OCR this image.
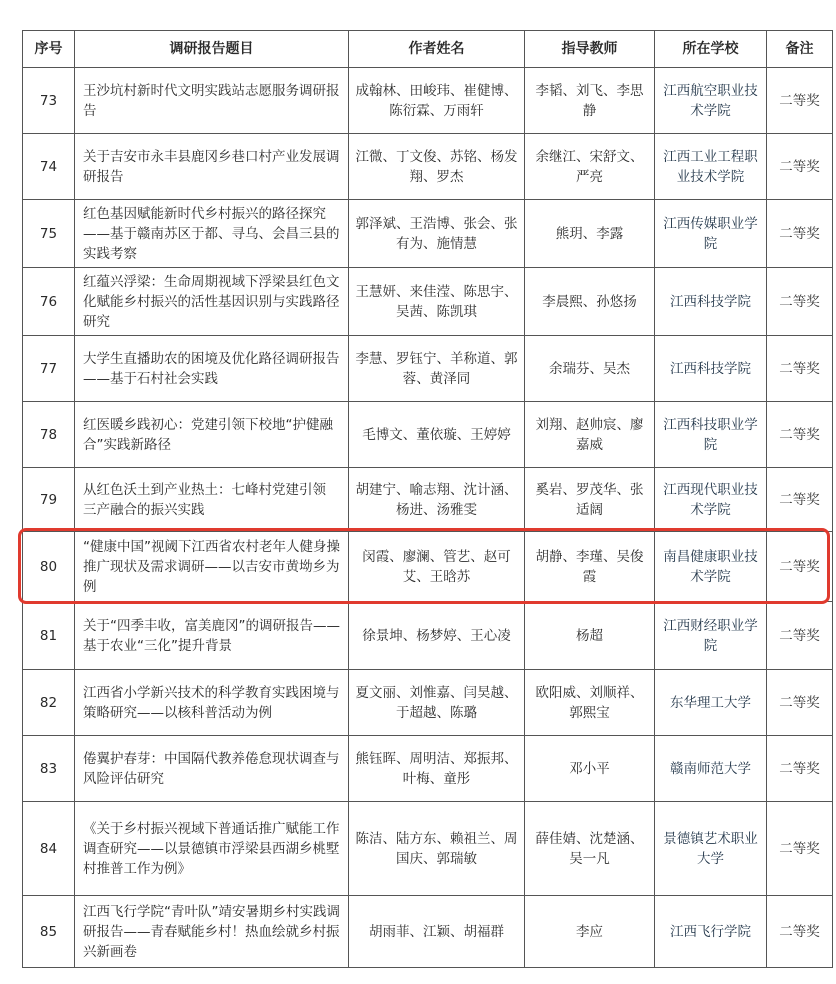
序号	调研报告题目	作者姓名	指导教师	所在学校	备注
73	王沙坑村新时代文明实践站志愿服务调研报告	成翰林、田峻玮、崔健博、陈衍霖、万雨轩	李韬、刘飞、李思静	江西航空职业技术学院	二等奖
74	关于吉安市永丰县鹿冈乡巷口村产业发展调研报告	江微、丁文俊、苏铭、杨发翔、罗杰	余继江、宋舒文、严亮	江西工业工程职业技术学院	二等奖
75	红色基因赋能新时代乡村振兴的路径探究——基于赣南苏区于都、寻乌、会昌三县的实践考察	郭泽斌、王浩博、张会、张有为、施情慧	熊玥、李露	江西传媒职业学院	二等奖
76	红蕴兴浮梁：生命周期视域下浮梁县红色文化赋能乡村振兴的活性基因识别与实践路径研究	王慧妍、来佳滢、陈思宇、吴茜、陈凯琪	李晨熙、孙悠扬	江西科技学院	二等奖
77	大学生直播助农的困境及优化路径调研报告——基于石村社会实践	李慧、罗钰宁、羊称道、郭蓉、黄泽同	余瑞芬、吴杰	江西科技学院	二等奖
78	红医暖乡践初心：党建引领下校地“护健融合”实践新路径	毛博文、董依璇、王婷婷	刘翔、赵帅宸、廖嘉威	江西科技职业学院	二等奖
79	从红色沃土到产业热土：七峰村党建引领 三产融合的振兴实践	胡建宁、喻志翔、沈计涵、杨进、汤雅雯	奚岩、罗茂华、张适阔	江西现代职业技术学院	二等奖
80	“健康中国”视阈下江西省农村老年人健身操推广现状及需求调研——以吉安市黄坳乡为例	闵霞、廖澜、管艺、赵可艾、王晗苏	胡静、李瑾、吴俊霞	南昌健康职业技术学院	二等奖
81	关于“四季丰收，富美鹿冈”的调研报告——基于农业“三化”提升背景	徐景坤、杨梦婷、王心凌	杨超	江西财经职业学院	二等奖
82	江西省小学新兴技术的科学教育实践困境与策略研究——以核科普活动为例	夏文丽、刘惟嘉、闫昊越、于超越、陈璐	欧阳威、刘顺祥、郭熙宝	东华理工大学	二等奖
83	倦翼护春芽：中国隔代教养倦怠现状调查与风险评估研究	熊钰晖、周明洁、郑振邦、叶梅、童彤	邓小平	赣南师范大学	二等奖
84	《关于乡村振兴视域下普通话推广赋能工作调查研究——以景德镇市浮梁县西湖乡桃墅村推普工作为例》	陈洁、陆方东、赖祖兰、周国庆、郭瑞敏	薛佳婧、沈楚涵、吴一凡	景德镇艺术职业大学	二等奖
85	江西飞行学院“青叶队”靖安暑期乡村实践调研报告——青春赋能乡村！热血绘就乡村振兴新画卷	胡雨菲、江颖、胡福群	李应	江西飞行学院	二等奖
